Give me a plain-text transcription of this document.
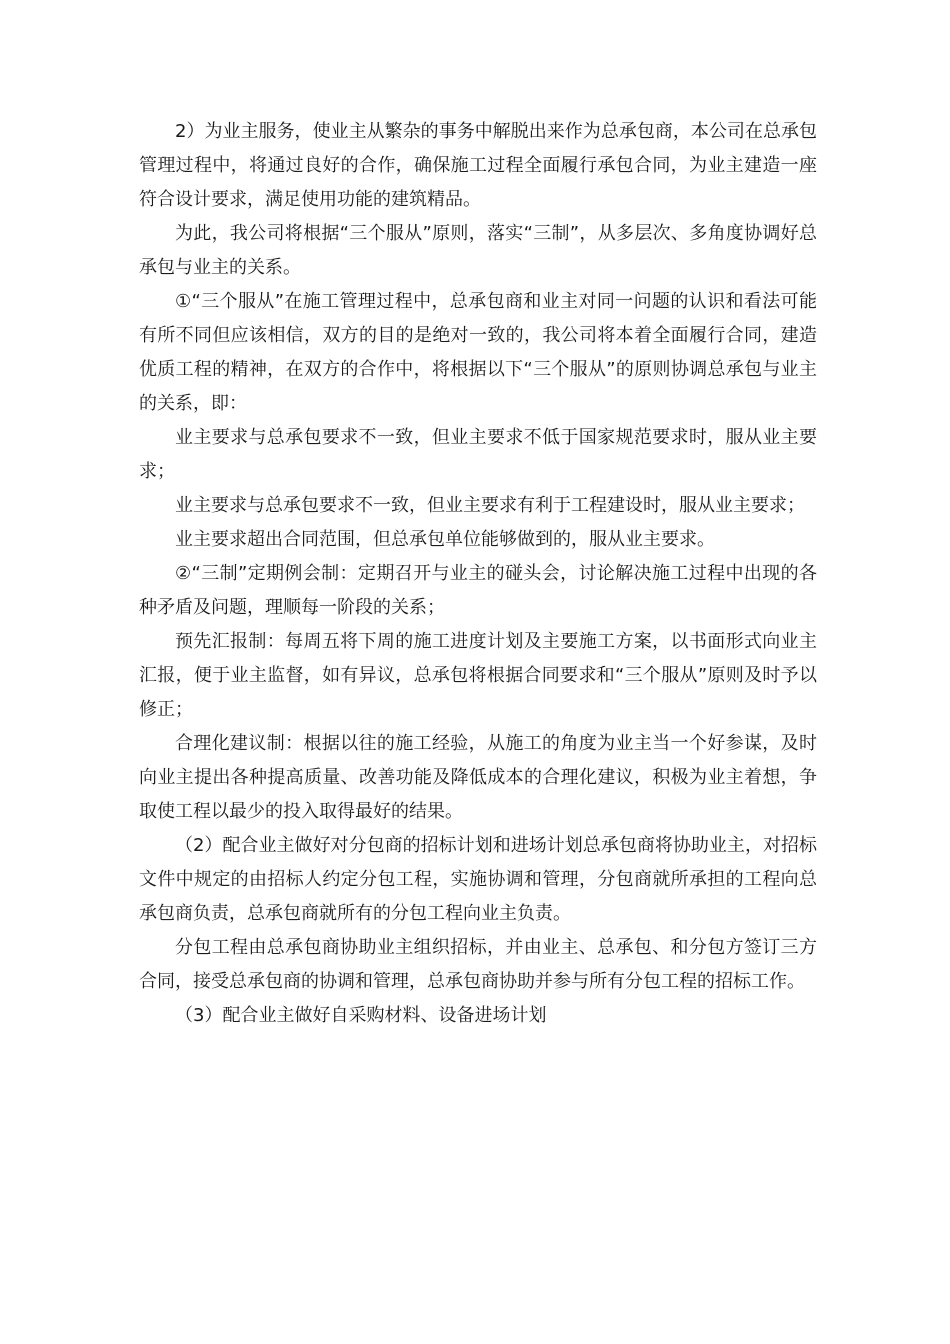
2）为业主服务，使业主从繁杂的事务中解脱出来作为总承包商，本公司在总承包管理过程中，将通过良好的合作，确保施工过程全面履行承包合同，为业主建造一座符合设计要求，满足使用功能的建筑精品。

为此，我公司将根据“三个服从”原则，落实“三制”，从多层次、多角度协调好总承包与业主的关系。

①“三个服从”在施工管理过程中，总承包商和业主对同一问题的认识和看法可能有所不同但应该相信，双方的目的是绝对一致的，我公司将本着全面履行合同，建造优质工程的精神，在双方的合作中，将根据以下“三个服从”的原则协调总承包与业主的关系，即：

业主要求与总承包要求不一致，但业主要求不低于国家规范要求时，服从业主要求；

业主要求与总承包要求不一致，但业主要求有利于工程建设时，服从业主要求；

业主要求超出合同范围，但总承包单位能够做到的，服从业主要求。

②“三制”定期例会制：定期召开与业主的碰头会，讨论解决施工过程中出现的各种矛盾及问题，理顺每一阶段的关系；

预先汇报制：每周五将下周的施工进度计划及主要施工方案，以书面形式向业主汇报，便于业主监督，如有异议，总承包将根据合同要求和“三个服从”原则及时予以修正；

合理化建议制：根据以往的施工经验，从施工的角度为业主当一个好参谋，及时向业主提出各种提高质量、改善功能及降低成本的合理化建议，积极为业主着想，争取使工程以最少的投入取得最好的结果。

（2）配合业主做好对分包商的招标计划和进场计划总承包商将协助业主，对招标文件中规定的由招标人约定分包工程，实施协调和管理，分包商就所承担的工程向总承包商负责，总承包商就所有的分包工程向业主负责。

分包工程由总承包商协助业主组织招标，并由业主、总承包、和分包方签订三方合同，接受总承包商的协调和管理，总承包商协助并参与所有分包工程的招标工作。

（3）配合业主做好自采购材料、设备进场计划
